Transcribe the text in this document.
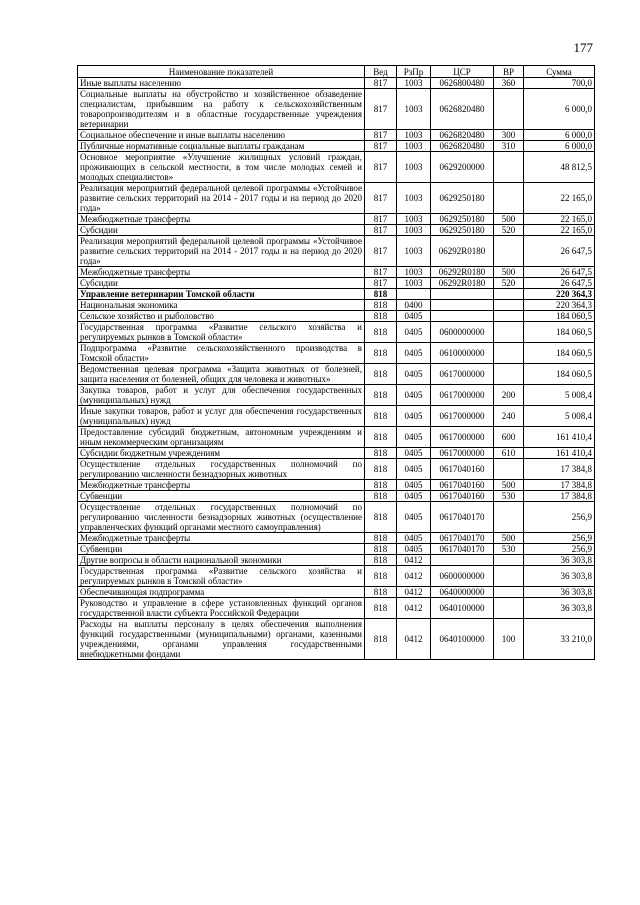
177
Наименование показателей	Вед	РзПр	ЦСР	ВР	Сумма
Иные выплаты населению	817	1003	0626800480	360	700,0
Социальные выплаты на обустройство и хозяйственное обзаведение специалистам, прибывшим на работу к сельскохозяйственным товаропроизводителям и в областные государственные учреждения ветеринарии	817	1003	0626820480		6 000,0
Социальное обеспечение и иные выплаты населению	817	1003	0626820480	300	6 000,0
Публичные нормативные социальные выплаты гражданам	817	1003	0626820480	310	6 000,0
Основное мероприятие «Улучшение жилищных условий граждан, проживающих в сельской местности, в том числе молодых семей и молодых специалистов»	817	1003	0629200000		48 812,5
Реализация мероприятий федеральной целевой программы «Устойчивое развитие сельских территорий на 2014 - 2017 годы и на период до 2020 года»	817	1003	0629250180		22 165,0
Межбюджетные трансферты	817	1003	0629250180	500	22 165,0
Субсидии	817	1003	0629250180	520	22 165,0
Реализация мероприятий федеральной целевой программы «Устойчивое развитие сельских территорий на 2014 - 2017 годы и на период до 2020 года»	817	1003	06292R0180		26 647,5
Межбюджетные трансферты	817	1003	06292R0180	500	26 647,5
Субсидии	817	1003	06292R0180	520	26 647,5
Управление ветеринарии Томской области	818				220 364,3
Национальная экономика	818	0400			220 364,3
Сельское хозяйство и рыболовство	818	0405			184 060,5
Государственная программа «Развитие сельского хозяйства и регулируемых рынков в Томской области»	818	0405	0600000000		184 060,5
Подпрограмма «Развитие сельскохозяйственного производства в Томской области»	818	0405	0610000000		184 060,5
Ведомственная целевая программа «Защита животных от болезней, защита населения от болезней, общих для человека и животных»	818	0405	0617000000		184 060,5
Закупка товаров, работ и услуг для обеспечения государственных (муниципальных) нужд	818	0405	0617000000	200	5 008,4
Иные закупки товаров, работ и услуг для обеспечения государственных (муниципальных) нужд	818	0405	0617000000	240	5 008,4
Предоставление субсидий бюджетным, автономным учреждениям и иным некоммерческим организациям	818	0405	0617000000	600	161 410,4
Субсидии бюджетным учреждениям	818	0405	0617000000	610	161 410,4
Осуществление отдельных государственных полномочий по регулированию численности безнадзорных животных	818	0405	0617040160		17 384,8
Межбюджетные трансферты	818	0405	0617040160	500	17 384,8
Субвенции	818	0405	0617040160	530	17 384,8
Осуществление отдельных государственных полномочий по регулированию численности безнадзорных животных (осуществление управленческих функций органами местного самоуправления)	818	0405	0617040170		256,9
Межбюджетные трансферты	818	0405	0617040170	500	256,9
Субвенции	818	0405	0617040170	530	256,9
Другие вопросы в области национальной экономики	818	0412			36 303,8
Государственная программа «Развитие сельского хозяйства и регулируемых рынков в Томской области»	818	0412	0600000000		36 303,8
Обеспечивающая подпрограмма	818	0412	0640000000		36 303,8
Руководство и управление в сфере установленных функций органов государственной власти субъекта Российской Федерации	818	0412	0640100000		36 303,8
Расходы на выплаты персоналу в целях обеспечения выполнения функций государственными (муниципальными) органами, казенными учреждениями, органами управления государственными внебюджетными фондами	818	0412	0640100000	100	33 210,0
